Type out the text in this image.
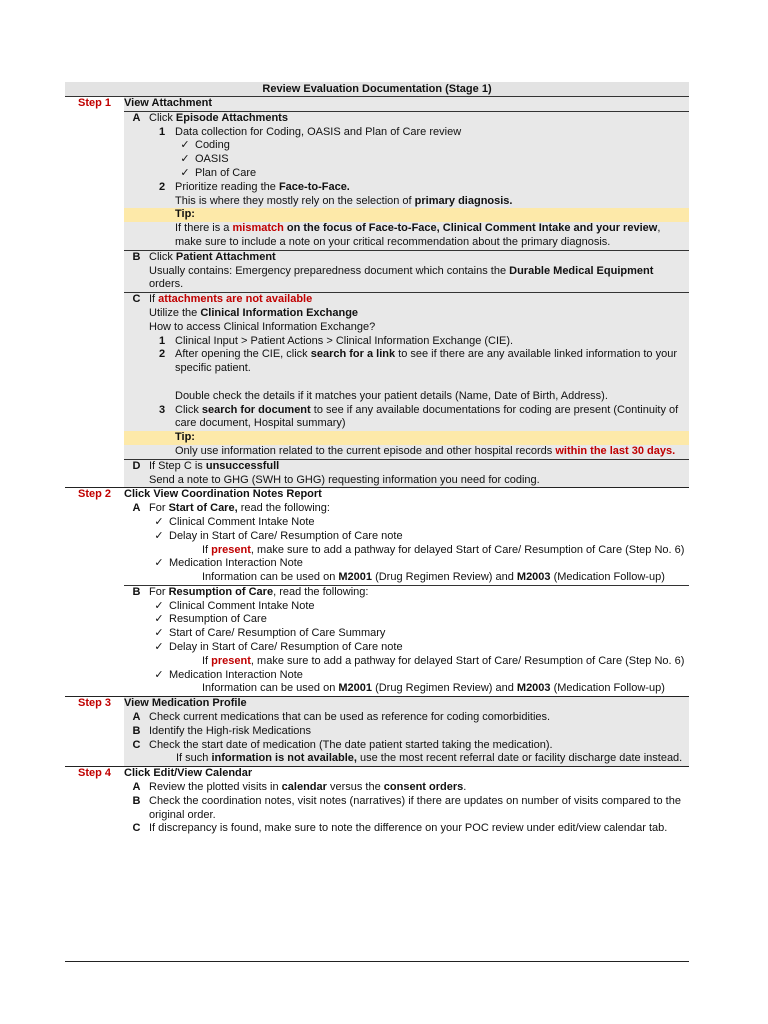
Review Evaluation Documentation (Stage 1)
Step 1	View Attachment
A Click Episode Attachments
1 Data collection for Coding, OASIS and Plan of Care review
✓ Coding
✓ OASIS
✓ Plan of Care
2 Prioritize reading the Face-to-Face.
This is where they mostly rely on the selection of primary diagnosis.
Tip:
If there is a mismatch on the focus of Face-to-Face, Clinical Comment Intake and your review, make sure to include a note on your critical recommendation about the primary diagnosis.
B Click Patient Attachment
Usually contains: Emergency preparedness document which contains the Durable Medical Equipment orders.
C If attachments are not available
Utilize the Clinical Information Exchange
How to access Clinical Information Exchange?
1 Clinical Input > Patient Actions > Clinical Information Exchange (CIE).
2 After opening the CIE, click search for a link to see if there are any available linked information to your specific patient.
Double check the details if it matches your patient details (Name, Date of Birth, Address).
3 Click search for document to see if any available documentations for coding are present (Continuity of care document, Hospital summary)
Tip:
Only use information related to the current episode and other hospital records within the last 30 days.
D If Step C is unsuccessfull
Send a note to GHG (SWH to GHG) requesting information you need for coding.
Step 2	Click View Coordination Notes Report
A For Start of Care, read the following:
✓ Clinical Comment Intake Note
✓ Delay in Start of Care/ Resumption of Care note
If present, make sure to add a pathway for delayed Start of Care/ Resumption of Care (Step No. 6)
✓ Medication Interaction Note
Information can be used on M2001 (Drug Regimen Review) and M2003 (Medication Follow-up)
B For Resumption of Care, read the following:
✓ Clinical Comment Intake Note
✓ Resumption of Care
✓ Start of Care/ Resumption of Care Summary
✓ Delay in Start of Care/ Resumption of Care note
If present, make sure to add a pathway for delayed Start of Care/ Resumption of Care (Step No. 6)
✓ Medication Interaction Note
Information can be used on M2001 (Drug Regimen Review) and M2003 (Medication Follow-up)
Step 3	View Medication Profile
A Check current medications that can be used as reference for coding comorbidities.
B Identify the High-risk Medications
C Check the start date of medication (The date patient started taking the medication).
If such information is not available, use the most recent referral date or facility discharge date instead.
Step 4	Click Edit/View Calendar
A Review the plotted visits in calendar versus the consent orders.
B Check the coordination notes, visit notes (narratives) if there are updates on number of visits compared to the original order.
C If discrepancy is found, make sure to note the difference on your POC review under edit/view calendar tab.
